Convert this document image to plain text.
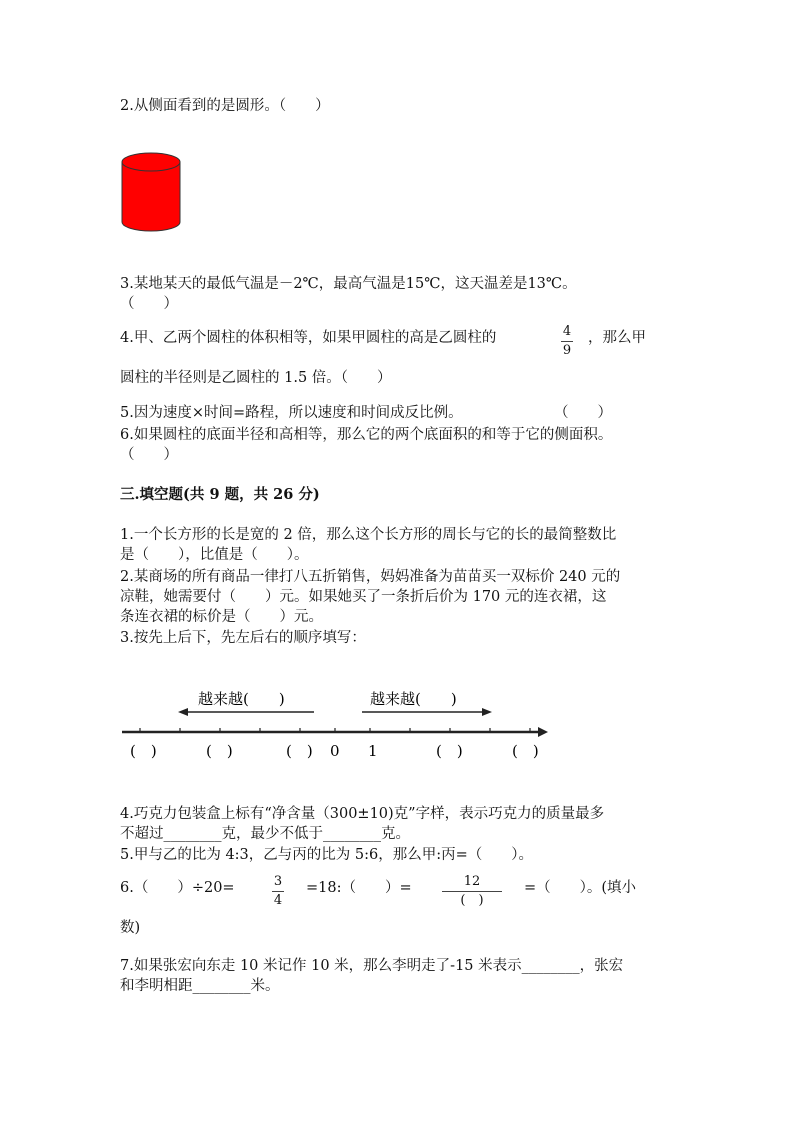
2.从侧面看到的是圆形。（　　）
3.某地某天的最低气温是－2℃，最高气温是15℃，这天温差是13℃。
（　　）
4.甲、乙两个圆柱的体积相等，如果甲圆柱的高是乙圆柱的	4
9
，那么甲
圆柱的半径则是乙圆柱的 1.5 倍。（　　）
5.因为速度×时间=路程，所以速度和时间成反比例。	（　　）
6.如果圆柱的底面半径和高相等，那么它的两个底面积的和等于它的侧面积。
（　　）
三.填空题(共 9 题，共 26 分)
1.一个长方形的长是宽的 2 倍，那么这个长方形的周长与它的长的最简整数比
是（　　），比值是（　　）。
2.某商场的所有商品一律打八五折销售，妈妈准备为苗苗买一双标价 240 元的
凉鞋，她需要付（　　）元。如果她买了一条折后价为 170 元的连衣裙，这
条连衣裙的标价是（　　）元。
3.按先上后下，先左后右的顺序填写：
越来越(　　)	越来越(　　)
(　)	(　)	(　) 0 1	(　)	(　)
4.巧克力包装盒上标有“净含量（300±10)克”字样，表示巧克力的质量最多
不超过________克，最少不低于________克。
5.甲与乙的比为 4:3，乙与丙的比为 5:6，那么甲:丙=（　　）。
6.（　　）÷20=	3
4
=18:（　　）=	12
(　)
=（　　）。(填小
数)
7.如果张宏向东走 10 米记作 10 米，那么李明走了-15 米表示________，张宏
和李明相距________米。
